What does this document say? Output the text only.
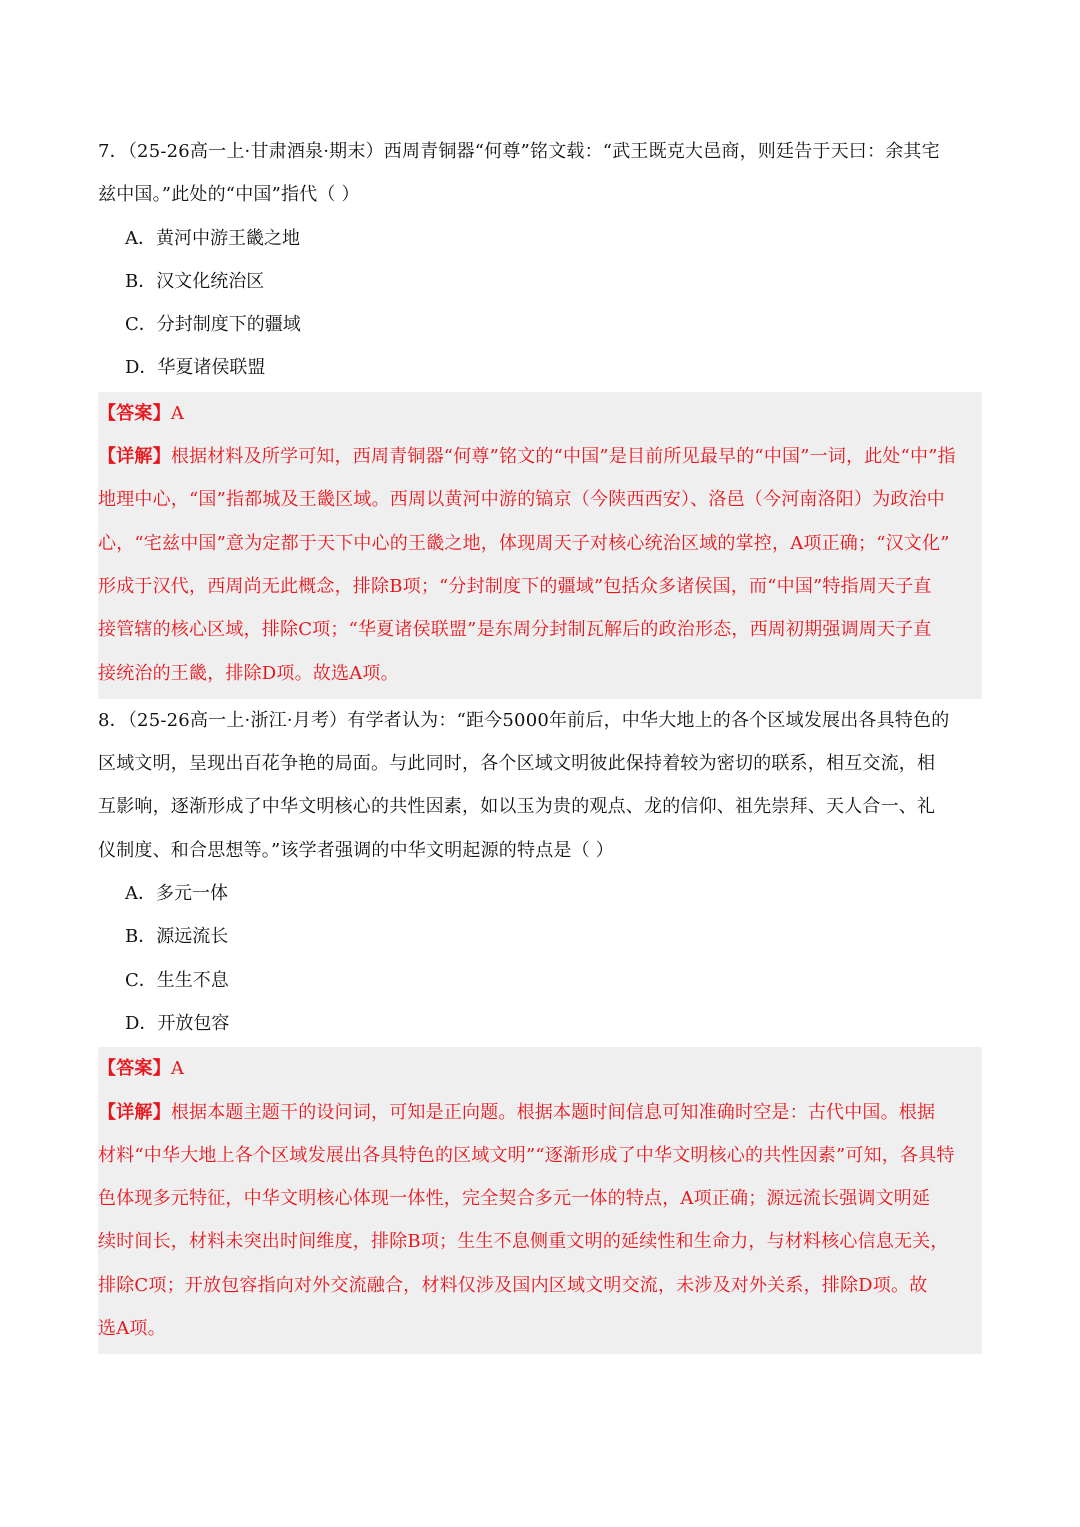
7．（25-26高一上·甘肃酒泉·期末）西周青铜器“何尊”铭文载：“武王既克大邑商，则廷告于天曰：余其宅
兹中国。”此处的“中国”指代（ ）
A．黄河中游王畿之地
B．汉文化统治区
C．分封制度下的疆域
D．华夏诸侯联盟
【答案】A
【详解】根据材料及所学可知，西周青铜器“何尊”铭文的“中国”是目前所见最早的“中国”一词，此处“中”指
地理中心，“国”指都城及王畿区域。西周以黄河中游的镐京（今陕西西安）、洛邑（今河南洛阳）为政治中
心，“宅兹中国”意为定都于天下中心的王畿之地，体现周天子对核心统治区域的掌控，A项正确；“汉文化”
形成于汉代，西周尚无此概念，排除B项；“分封制度下的疆域”包括众多诸侯国，而“中国”特指周天子直
接管辖的核心区域，排除C项；“华夏诸侯联盟”是东周分封制瓦解后的政治形态，西周初期强调周天子直
接统治的王畿，排除D项。故选A项。
8．（25-26高一上·浙江·月考）有学者认为：“距今5000年前后，中华大地上的各个区域发展出各具特色的
区域文明，呈现出百花争艳的局面。与此同时，各个区域文明彼此保持着较为密切的联系，相互交流，相
互影响，逐渐形成了中华文明核心的共性因素，如以玉为贵的观点、龙的信仰、祖先崇拜、天人合一、礼
仪制度、和合思想等。”该学者强调的中华文明起源的特点是（ ）
A．多元一体
B．源远流长
C．生生不息
D．开放包容
【答案】A
【详解】根据本题主题干的设问词，可知是正向题。根据本题时间信息可知准确时空是：古代中国。根据
材料“中华大地上各个区域发展出各具特色的区域文明”“逐渐形成了中华文明核心的共性因素”可知，各具特
色体现多元特征，中华文明核心体现一体性，完全契合多元一体的特点，A项正确；源远流长强调文明延
续时间长，材料未突出时间维度，排除B项；生生不息侧重文明的延续性和生命力，与材料核心信息无关，
排除C项；开放包容指向对外交流融合，材料仅涉及国内区域文明交流，未涉及对外关系，排除D项。故
选A项。
